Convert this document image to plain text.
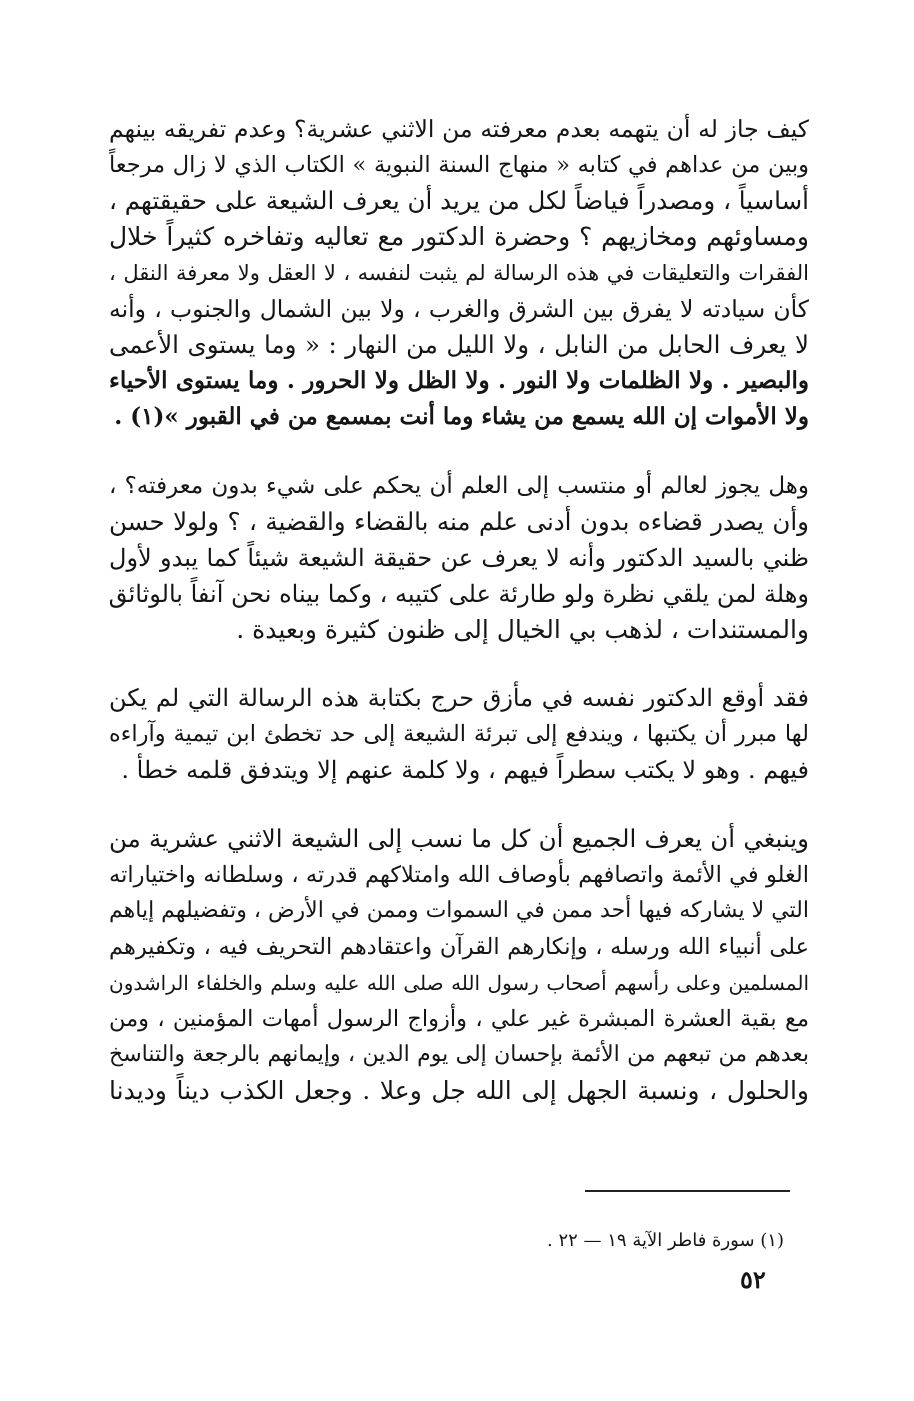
كيف جاز له أن يتهمه بعدم معرفته من الاثني عشرية؟ وعدم تفريقه بينهم
وبين من عداهم في كتابه « منهاج السنة النبوية » الكتاب الذي لا زال مرجعاً
أساسياً ، ومصدراً فياضاً لكل من يريد أن يعرف الشيعة على حقيقتهم ،
ومساوئهم ومخازيهم ؟ وحضرة الدكتور مع تعاليه وتفاخره كثيراً خلال
الفقرات والتعليقات في هذه الرسالة لم يثبت لنفسه ، لا العقل ولا معرفة النقل ،
كأن سيادته لا يفرق بين الشرق والغرب ، ولا بين الشمال والجنوب ، وأنه
لا يعرف الحابل من النابل ، ولا الليل من النهار : « وما يستوى الأعمى
والبصير . ولا الظلمات ولا النور . ولا الظل ولا الحرور . وما يستوى الأحياء
ولا الأموات إن الله يسمع من يشاء وما أنت بمسمع من في القبور »(١) .
وهل يجوز لعالم أو منتسب إلى العلم أن يحكم على شيء بدون معرفته؟ ،
وأن يصدر قضاءه بدون أدنى علم منه بالقضاء والقضية ، ؟ ولولا حسن
ظني بالسيد الدكتور وأنه لا يعرف عن حقيقة الشيعة شيئاً كما يبدو لأول
وهلة لمن يلقي نظرة ولو طارئة على كتيبه ، وكما بيناه نحن آنفاً بالوثائق
والمستندات ، لذهب بي الخيال إلى ظنون كثيرة وبعيدة .
فقد أوقع الدكتور نفسه في مأزق حرج بكتابة هذه الرسالة التي لم يكن
لها مبرر أن يكتبها ، ويندفع إلى تبرئة الشيعة إلى حد تخطئ ابن تيمية وآراءه
فيهم . وهو لا يكتب سطراً فيهم ، ولا كلمة عنهم إلا ويتدفق قلمه خطأ .
وينبغي أن يعرف الجميع أن كل ما نسب إلى الشيعة الاثني عشرية من
الغلو في الأئمة واتصافهم بأوصاف الله وامتلاكهم قدرته ، وسلطانه واختياراته
التي لا يشاركه فيها أحد ممن في السموات وممن في الأرض ، وتفضيلهم إياهم
على أنبياء الله ورسله ، وإنكارهم القرآن واعتقادهم التحريف فيه ، وتكفيرهم
المسلمين وعلى رأسهم أصحاب رسول الله صلى الله عليه وسلم والخلفاء الراشدون
مع بقية العشرة المبشرة غير علي ، وأزواج الرسول أمهات المؤمنين ، ومن
بعدهم من تبعهم من الأئمة بإحسان إلى يوم الدين ، وإيمانهم بالرجعة والتناسخ
والحلول ، ونسبة الجهل إلى الله جل وعلا . وجعل الكذب ديناً وديدنا
(١) سورة فاطر الآية ١٩ — ٢٢ .
٥٢
